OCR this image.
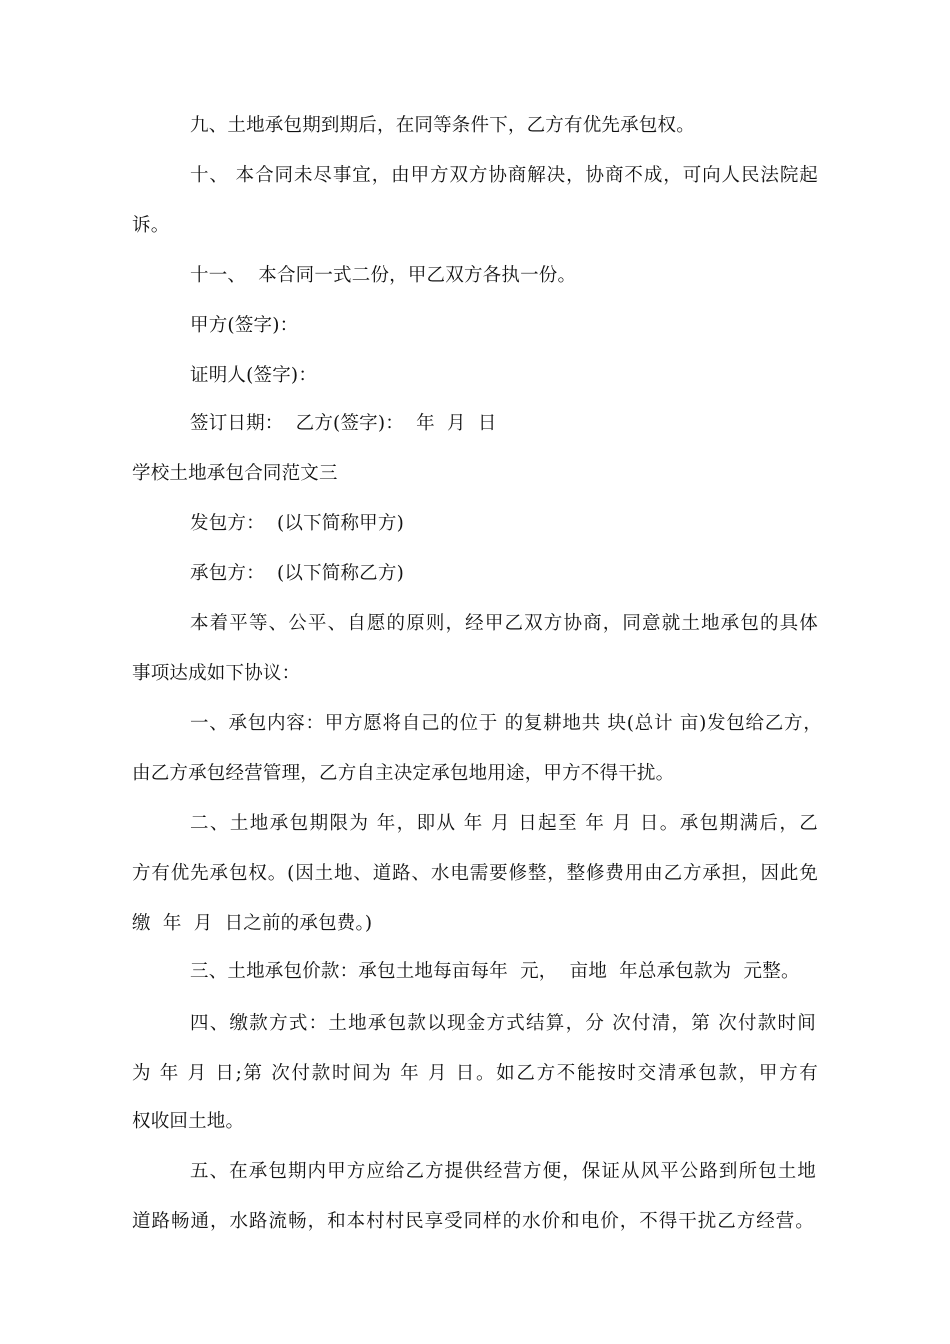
九、土地承包期到期后，在同等条件下，乙方有优先承包权。
十、 本合同未尽事宜，由甲方双方协商解决，协商不成，可向人民法院起
诉。
十一、  本合同一式二份，甲乙双方各执一份。
甲方(签字)：
证明人(签字)：
签订日期：  乙方(签字)：  年  月  日
学校土地承包合同范文三
发包方：  (以下简称甲方)
承包方：  (以下简称乙方)
本着平等、公平、自愿的原则，经甲乙双方协商，同意就土地承包的具体
事项达成如下协议：
一、承包内容：甲方愿将自己的位于 的复耕地共 块(总计 亩)发包给乙方，
由乙方承包经营管理，乙方自主决定承包地用途，甲方不得干扰。
二、土地承包期限为 年，即从 年 月 日起至 年 月 日。承包期满后，乙
方有优先承包权。(因土地、道路、水电需要修整，整修费用由乙方承担，因此免
缴  年  月  日之前的承包费。)
三、土地承包价款：承包土地每亩每年  元，  亩地  年总承包款为  元整。
四、缴款方式：土地承包款以现金方式结算，分 次付清，第 次付款时间
为 年 月 日;第 次付款时间为 年 月 日。如乙方不能按时交清承包款，甲方有
权收回土地。
五、在承包期内甲方应给乙方提供经营方便，保证从风平公路到所包土地
道路畅通，水路流畅，和本村村民享受同样的水价和电价，不得干扰乙方经营。
